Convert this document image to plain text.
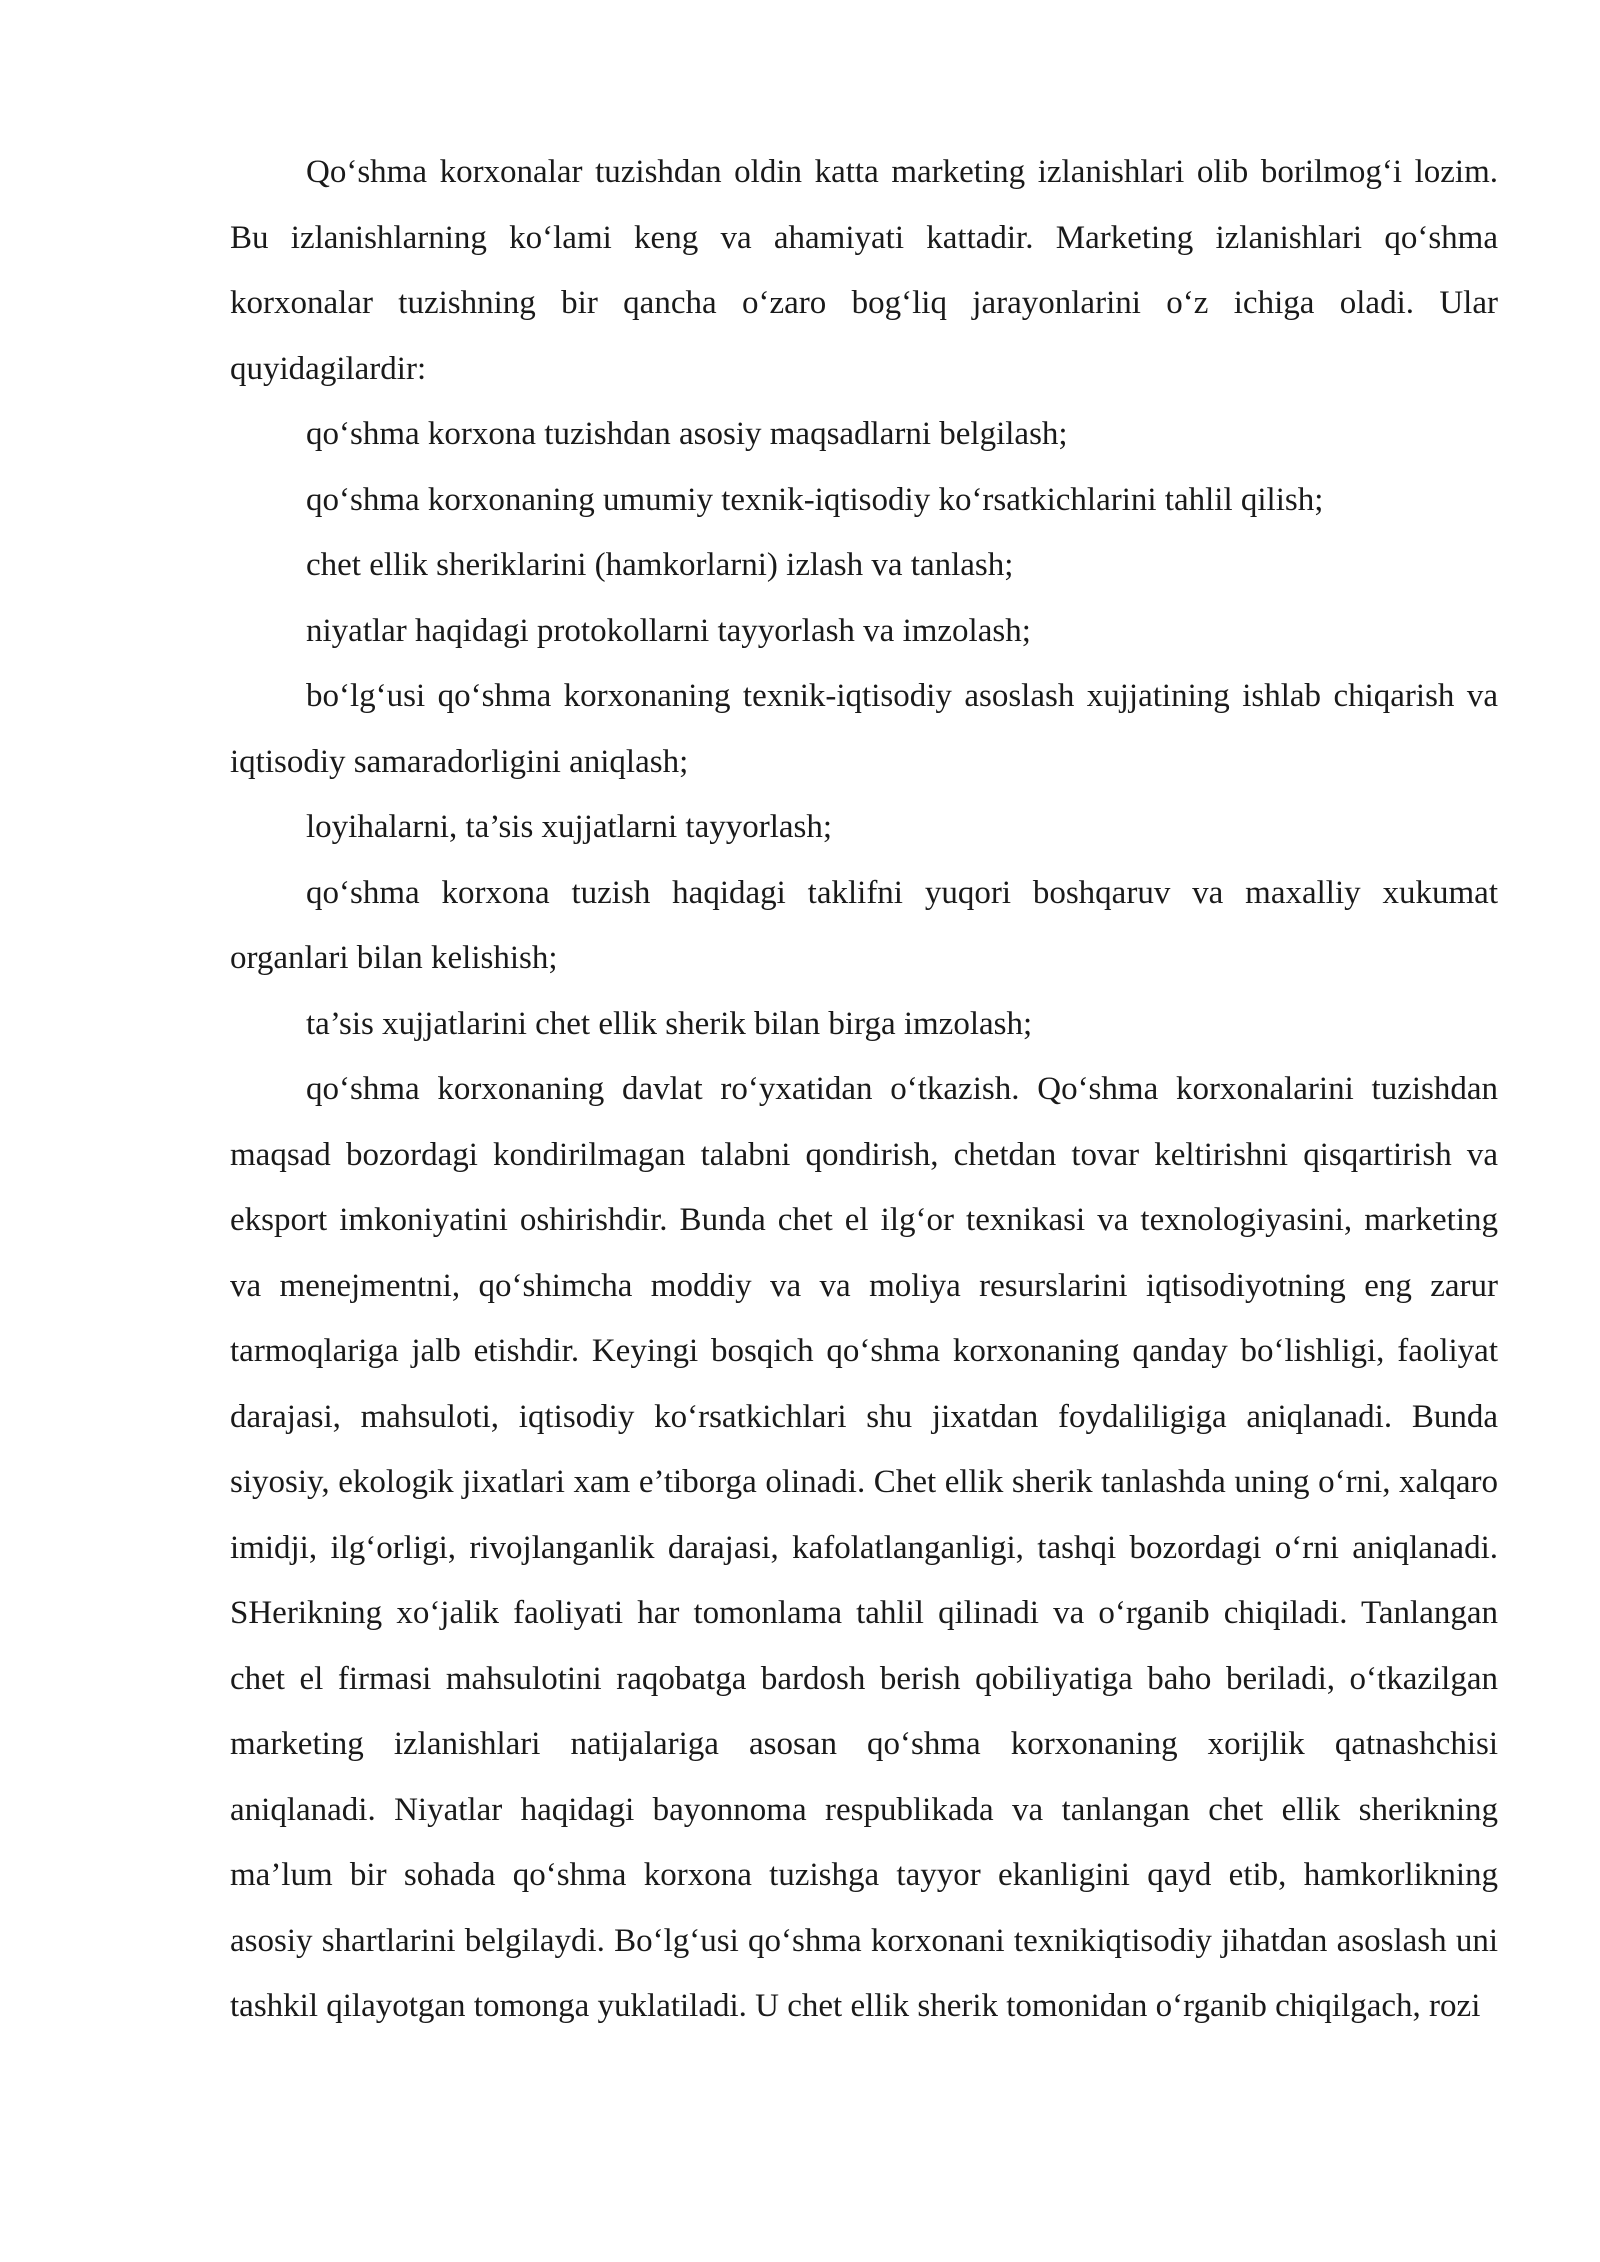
Qo‘shma korxonalar tuzishdan oldin katta marketing izlanishlari olib borilmog‘i lozim. Bu izlanishlarning ko‘lami keng va ahamiyati kattadir. Marketing izlanishlari qo‘shma korxonalar tuzishning bir qancha o‘zaro bog‘liq jarayonlarini o‘z ichiga oladi. Ular quyidagilardir:

qo‘shma korxona tuzishdan asosiy maqsadlarni belgilash;

qo‘shma korxonaning umumiy texnik-iqtisodiy ko‘rsatkichlarini tahlil qilish;

chet ellik sheriklarini (hamkorlarni) izlash va tanlash;

niyatlar haqidagi protokollarni tayyorlash va imzolash;

bo‘lg‘usi qo‘shma korxonaning texnik-iqtisodiy asoslash xujjatining ishlab chiqarish va iqtisodiy samaradorligini aniqlash;

loyihalarni, ta’sis xujjatlarni tayyorlash;

qo‘shma korxona tuzish haqidagi taklifni yuqori boshqaruv va maxalliy xukumat organlari bilan kelishish;

ta’sis xujjatlarini chet ellik sherik bilan birga imzolash;

qo‘shma korxonaning davlat ro‘yxatidan o‘tkazish. Qo‘shma korxonalarini tuzishdan maqsad bozordagi kondirilmagan talabni qondirish, chetdan tovar keltirishni qisqartirish va eksport imkoniyatini oshirishdir. Bunda chet el ilg‘or texnikasi va texnologiyasini, marketing va menejmentni, qo‘shimcha moddiy va va moliya resurslarini iqtisodiyotning eng zarur tarmoqlariga jalb etishdir. Keyingi bosqich qo‘shma korxonaning qanday bo‘lishligi, faoliyat darajasi, mahsuloti, iqtisodiy ko‘rsatkichlari shu jixatdan foydaliligiga aniqlanadi. Bunda siyosiy, ekologik jixatlari xam e’tiborga olinadi. Chet ellik sherik tanlashda uning o‘rni, xalqaro imidji, ilg‘orligi, rivojlanganlik darajasi, kafolatlanganligi, tashqi bozordagi o‘rni aniqlanadi. SHerikning xo‘jalik faoliyati har tomonlama tahlil qilinadi va o‘rganib chiqiladi. Tanlangan chet el firmasi mahsulotini raqobatga bardosh berish qobiliyatiga baho beriladi, o‘tkazilgan marketing izlanishlari natijalariga asosan qo‘shma korxonaning xorijlik qatnashchisi aniqlanadi. Niyatlar haqidagi bayonnoma respublikada va tanlangan chet ellik sherikning ma’lum bir sohada qo‘shma korxona tuzishga tayyor ekanligini qayd etib, hamkorlikning asosiy shartlarini belgilaydi. Bo‘lg‘usi qo‘shma korxonani texnikiqtisodiy jihatdan asoslash uni tashkil qilayotgan tomonga yuklatiladi. U chet ellik sherik tomonidan o‘rganib chiqilgach, rozi
